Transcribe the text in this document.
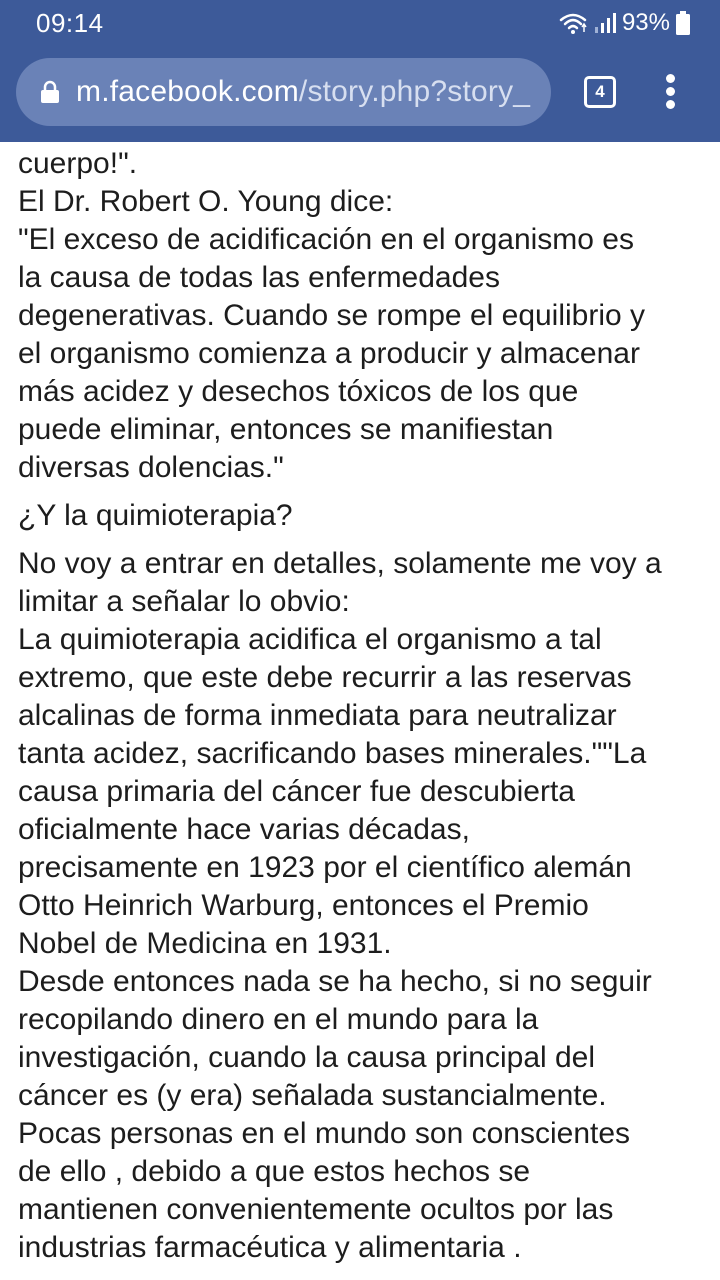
09:14	93%
m.facebook.com/story.php?story_	4

cuerpo!".
El Dr. Robert O. Young dice:
"El exceso de acidificación en el organismo es
la causa de todas las enfermedades
degenerativas. Cuando se rompe el equilibrio y
el organismo comienza a producir y almacenar
más acidez y desechos tóxicos de los que
puede eliminar, entonces se manifiestan
diversas dolencias."

¿Y la quimioterapia?

No voy a entrar en detalles, solamente me voy a
limitar a señalar lo obvio:
La quimioterapia acidifica el organismo a tal
extremo, que este debe recurrir a las reservas
alcalinas de forma inmediata para neutralizar
tanta acidez, sacrificando bases minerales.""La
causa primaria del cáncer fue descubierta
oficialmente hace varias décadas,
precisamente en 1923 por el científico alemán
Otto Heinrich Warburg, entonces el Premio
Nobel de Medicina en 1931.
Desde entonces nada se ha hecho, si no seguir
recopilando dinero en el mundo para la
investigación, cuando la causa principal del
cáncer es (y era) señalada sustancialmente.
Pocas personas en el mundo son conscientes
de ello , debido a que estos hechos se
mantienen convenientemente ocultos por las
industrias farmacéutica y alimentaria .
